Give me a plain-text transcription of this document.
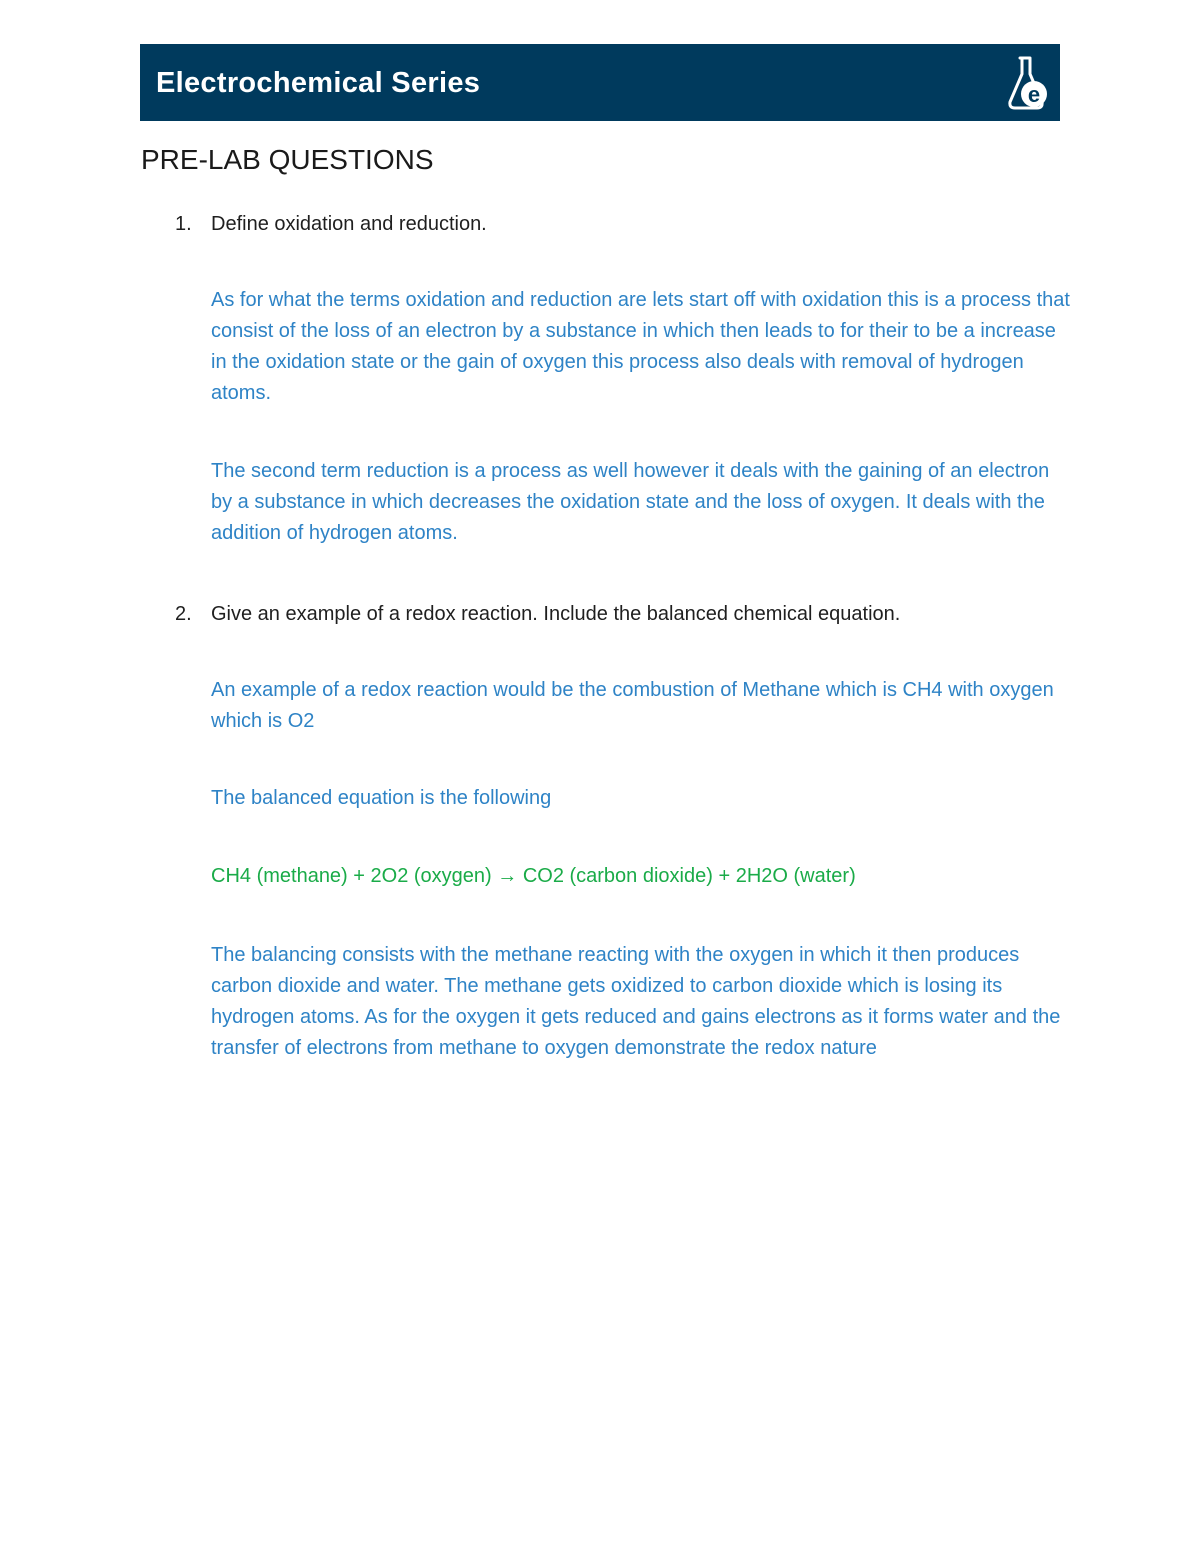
Electrochemical Series	e
PRE-LAB QUESTIONS
1. Define oxidation and reduction.
As for what the terms oxidation and reduction are lets start off with oxidation this is a process that consist of the loss of an electron by a substance in which then leads to for their to be a increase in the oxidation state or the gain of oxygen this process also deals with removal of hydrogen atoms.
The second term reduction is a process as well however it deals with the gaining of an electron by a substance in which decreases the oxidation state and the loss of oxygen. It deals with the addition of hydrogen atoms.
2. Give an example of a redox reaction. Include the balanced chemical equation.
An example of a redox reaction would be the combustion of Methane which is CH4 with oxygen which is O2
The balanced equation is the following
CH4 (methane) + 2O2 (oxygen) → CO2 (carbon dioxide) + 2H2O (water)
The balancing consists with the methane reacting with the oxygen in which it then produces carbon dioxide and water. The methane gets oxidized to carbon dioxide which is losing its hydrogen atoms. As for the oxygen it gets reduced and gains electrons as it forms water and the transfer of electrons from methane to oxygen demonstrate the redox nature
